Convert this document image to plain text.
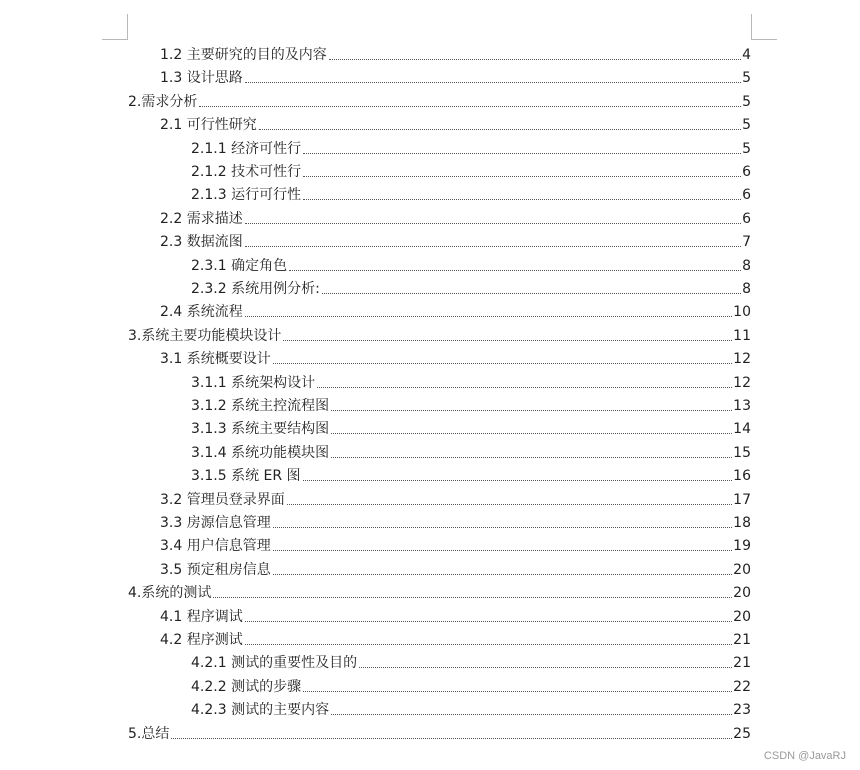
1.2 主要研究的目的及内容	4
1.3 设计思路	5
2.需求分析	5
2.1 可行性研究	5
2.1.1 经济可性行	5
2.1.2 技术可性行	6
2.1.3 运行可行性	6
2.2 需求描述	6
2.3 数据流图	7
2.3.1 确定角色	8
2.3.2 系统用例分析:	8
2.4 系统流程	10
3.系统主要功能模块设计	11
3.1 系统概要设计	12
3.1.1 系统架构设计	12
3.1.2 系统主控流程图	13
3.1.3 系统主要结构图	14
3.1.4 系统功能模块图	15
3.1.5 系统 ER 图	16
3.2 管理员登录界面	17
3.3 房源信息管理	18
3.4 用户信息管理	19
3.5 预定租房信息	20
4.系统的测试	20
4.1 程序调试	20
4.2 程序测试	21
4.2.1 测试的重要性及目的	21
4.2.2 测试的步骤	22
4.2.3 测试的主要内容	23
5.总结	25
CSDN @JavaRJ
